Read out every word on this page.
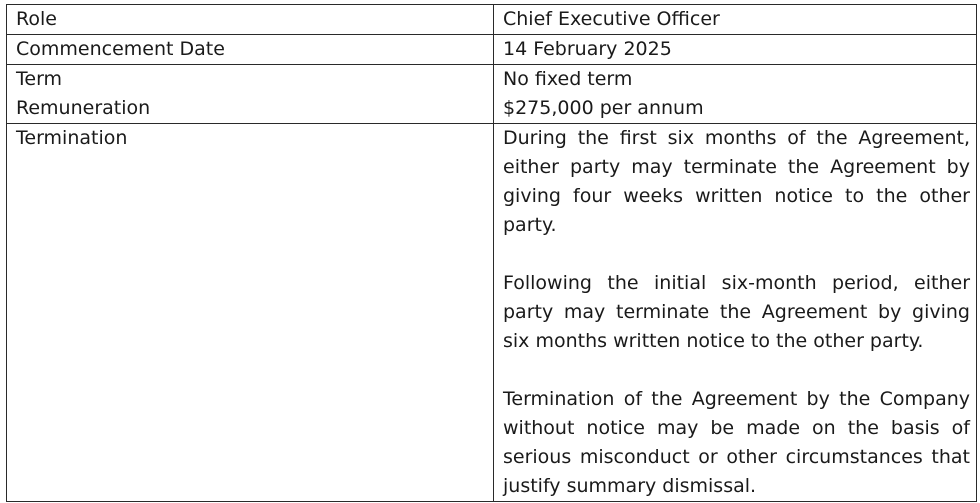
Role	Chief Executive Officer
Commencement Date	14 February 2025
Term	No fixed term
Remuneration	$275,000 per annum
Termination	During the first six months of the Agreement, either party may terminate the Agreement by giving four weeks written notice to the other party.

Following the initial six-month period, either party may terminate the Agreement by giving six months written notice to the other party.

Termination of the Agreement by the Company without notice may be made on the basis of serious misconduct or other circumstances that justify summary dismissal.
